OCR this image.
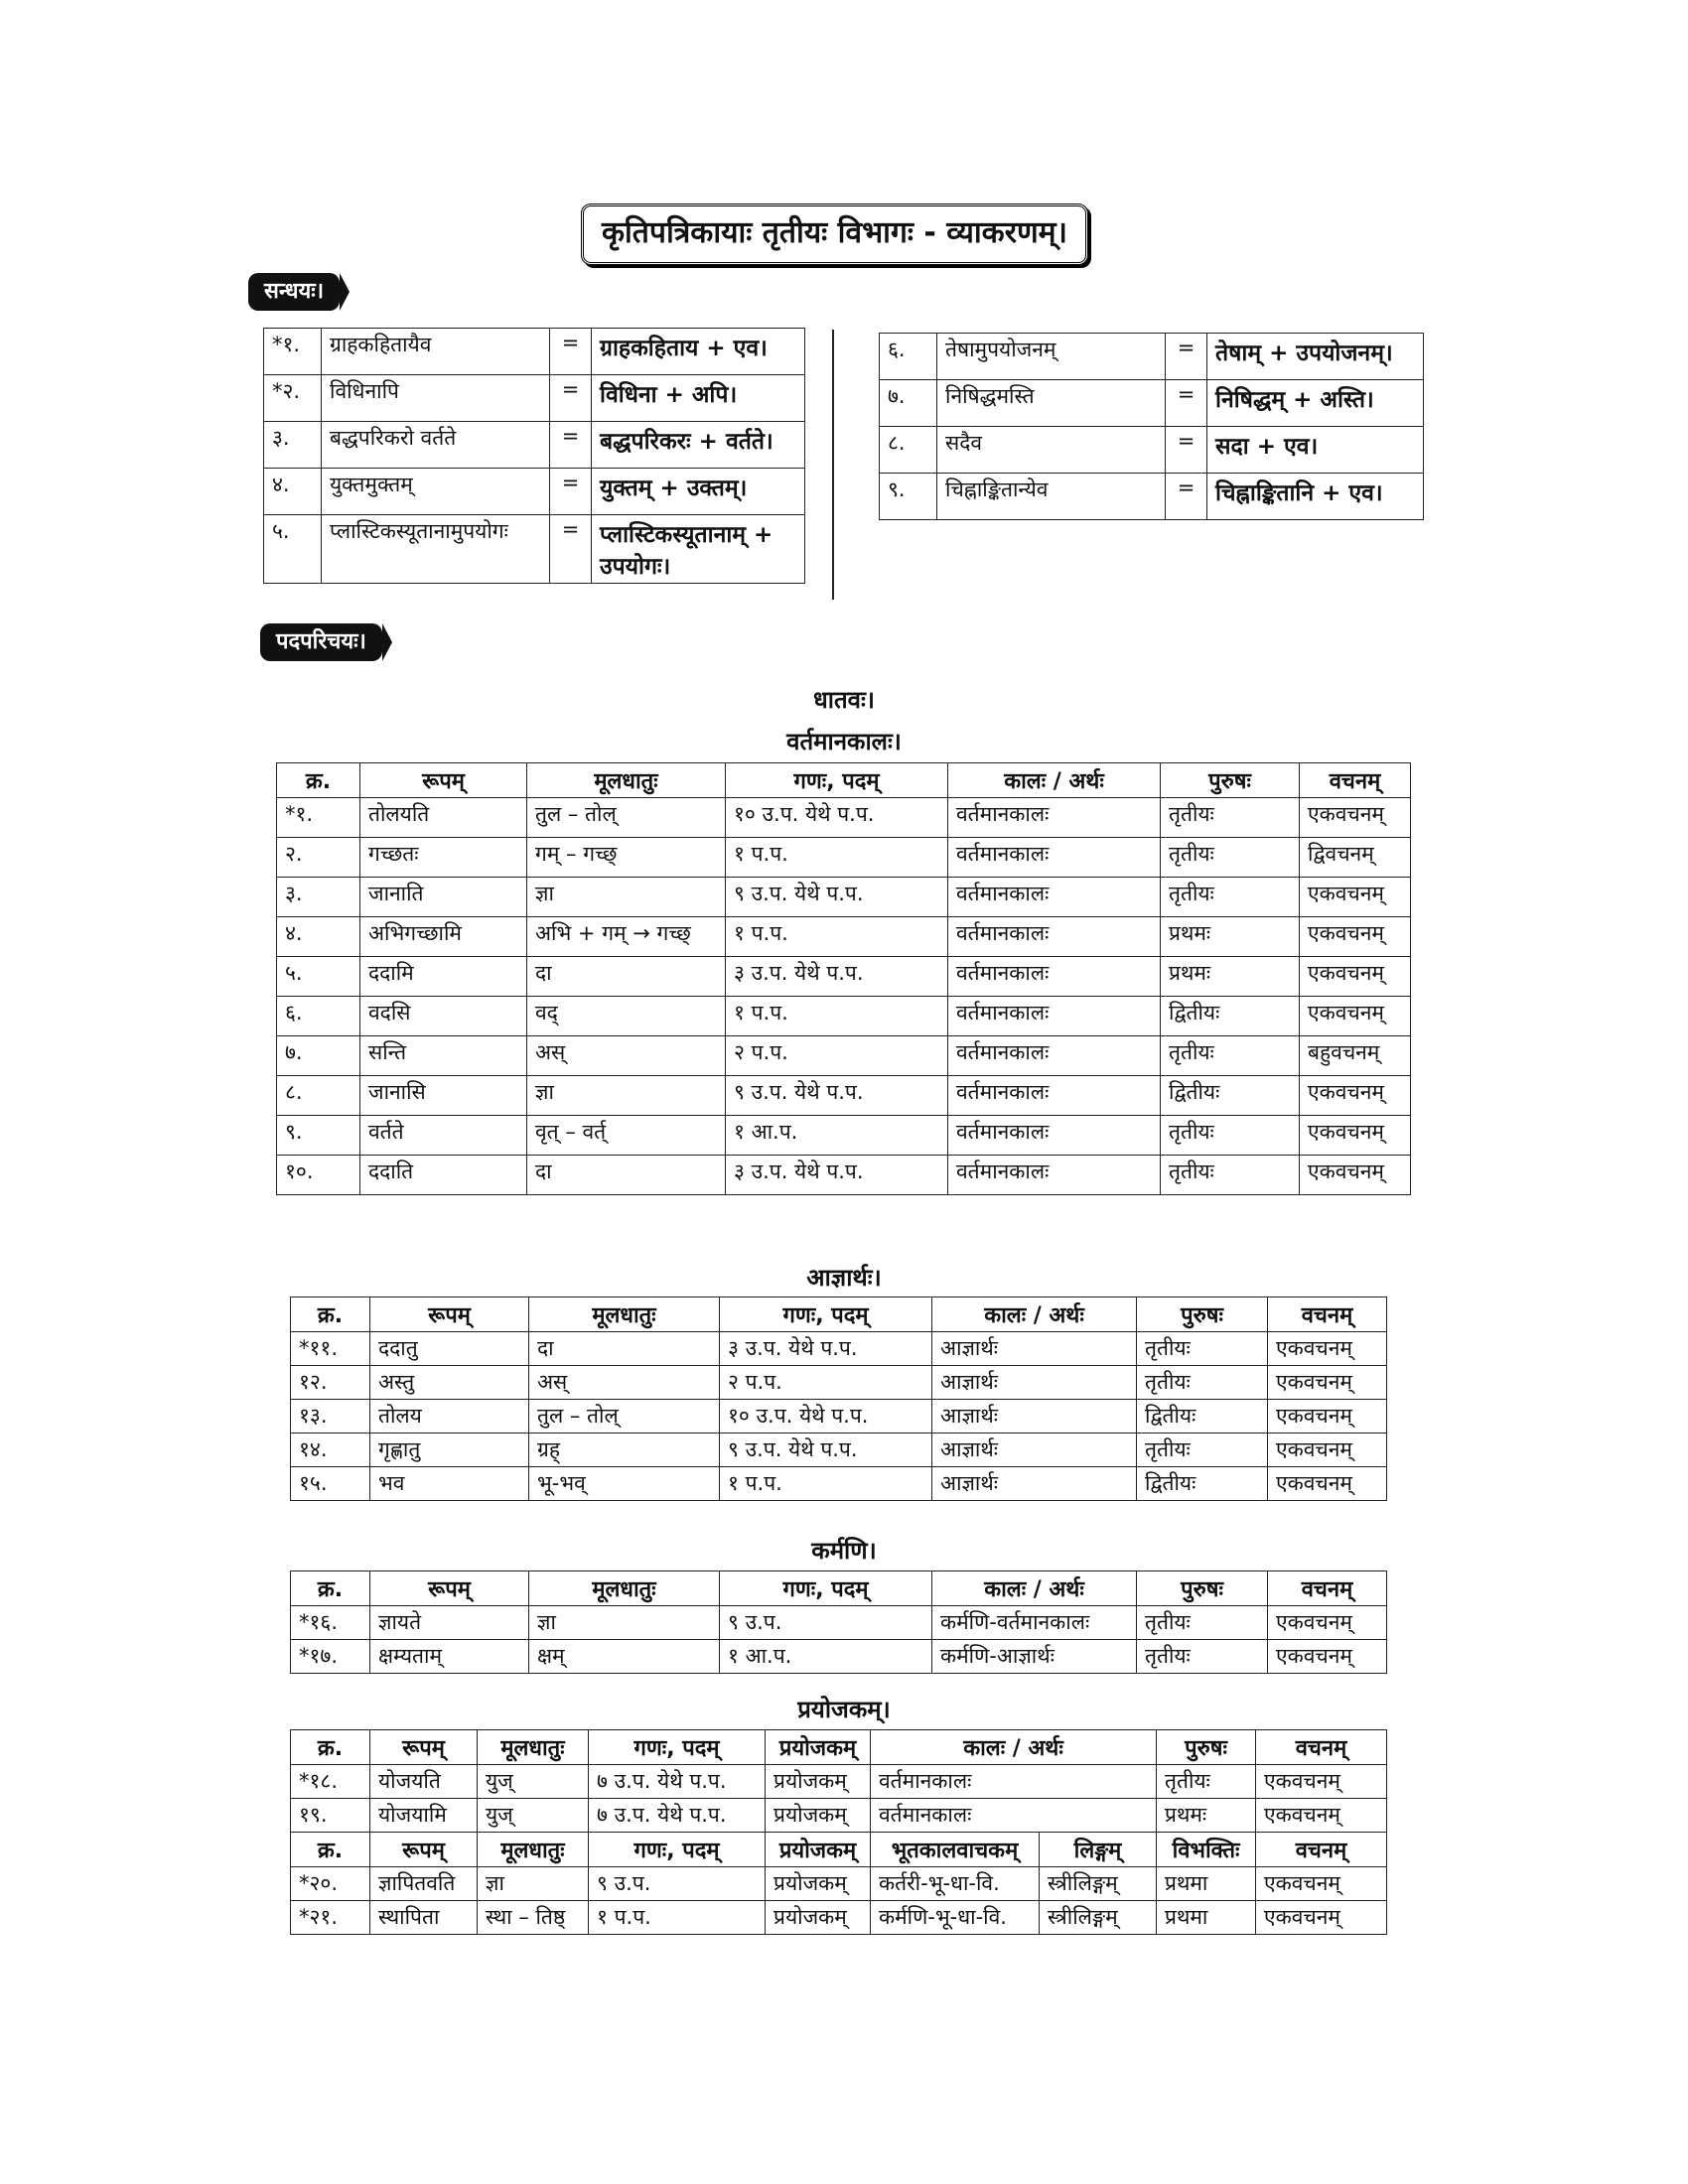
कृतिपत्रिकायाः तृतीयः विभागः - व्याकरणम्।
सन्धयः।
*१.	ग्राहकहितायैव	=	ग्राहकहिताय + एव।
*२.	विधिनापि	=	विधिना + अपि।
३.	बद्धपरिकरो वर्तते	=	बद्धपरिकरः + वर्तते।
४.	युक्तमुक्तम्	=	युक्तम् + उक्तम्।
५.	प्लास्टिकस्यूतानामुपयोगः	=	प्लास्टिकस्यूतानाम् + उपयोगः।
६.	तेषामुपयोजनम्	=	तेषाम् + उपयोजनम्।
७.	निषिद्धमस्ति	=	निषिद्धम् + अस्ति।
८.	सदैव	=	सदा + एव।
९.	चिह्नाङ्कितान्येव	=	चिह्नाङ्कितानि + एव।
पदपरिचयः।
धातवः।
वर्तमानकालः।
क्र.	रूपम्	मूलधातुः	गणः, पदम्	कालः / अर्थः	पुरुषः	वचनम्
*१.	तोलयति	तुल – तोल्	१० उ.प. येथे प.प.	वर्तमानकालः	तृतीयः	एकवचनम्
२.	गच्छतः	गम् – गच्छ्	१ प.प.	वर्तमानकालः	तृतीयः	द्विवचनम्
३.	जानाति	ज्ञा	९ उ.प. येथे प.प.	वर्तमानकालः	तृतीयः	एकवचनम्
४.	अभिगच्छामि	अभि + गम् → गच्छ्	१ प.प.	वर्तमानकालः	प्रथमः	एकवचनम्
५.	ददामि	दा	३ उ.प. येथे प.प.	वर्तमानकालः	प्रथमः	एकवचनम्
६.	वदसि	वद्	१ प.प.	वर्तमानकालः	द्वितीयः	एकवचनम्
७.	सन्ति	अस्	२ प.प.	वर्तमानकालः	तृतीयः	बहुवचनम्
८.	जानासि	ज्ञा	९ उ.प. येथे प.प.	वर्तमानकालः	द्वितीयः	एकवचनम्
९.	वर्तते	वृत् – वर्त्	१ आ.प.	वर्तमानकालः	तृतीयः	एकवचनम्
१०.	ददाति	दा	३ उ.प. येथे प.प.	वर्तमानकालः	तृतीयः	एकवचनम्
आज्ञार्थः।
क्र.	रूपम्	मूलधातुः	गणः, पदम्	कालः / अर्थः	पुरुषः	वचनम्
*११.	ददातु	दा	३ उ.प. येथे प.प.	आज्ञार्थः	तृतीयः	एकवचनम्
१२.	अस्तु	अस्	२ प.प.	आज्ञार्थः	तृतीयः	एकवचनम्
१३.	तोलय	तुल – तोल्	१० उ.प. येथे प.प.	आज्ञार्थः	द्वितीयः	एकवचनम्
१४.	गृह्णातु	ग्रह्	९ उ.प. येथे प.प.	आज्ञार्थः	तृतीयः	एकवचनम्
१५.	भव	भू-भव्	१ प.प.	आज्ञार्थः	द्वितीयः	एकवचनम्
कर्मणि।
क्र.	रूपम्	मूलधातुः	गणः, पदम्	कालः / अर्थः	पुरुषः	वचनम्
*१६.	ज्ञायते	ज्ञा	९ उ.प.	कर्मणि-वर्तमानकालः	तृतीयः	एकवचनम्
*१७.	क्षम्यताम्	क्षम्	१ आ.प.	कर्मणि-आज्ञार्थः	तृतीयः	एकवचनम्
प्रयोजकम्।
क्र.	रूपम्	मूलधातुः	गणः, पदम्	प्रयोजकम्	कालः / अर्थः		पुरुषः	वचनम्
*१८.	योजयति	युज्	७ उ.प. येथे प.प.	प्रयोजकम्	वर्तमानकालः		तृतीयः	एकवचनम्
१९.	योजयामि	युज्	७ उ.प. येथे प.प.	प्रयोजकम्	वर्तमानकालः		प्रथमः	एकवचनम्
क्र.	रूपम्	मूलधातुः	गणः, पदम्	प्रयोजकम्	भूतकालवाचकम्	लिङ्गम्	विभक्तिः	वचनम्
*२०.	ज्ञापितवति	ज्ञा	९ उ.प.	प्रयोजकम्	कर्तरी-भू-धा-वि.	स्त्रीलिङ्गम्	प्रथमा	एकवचनम्
*२१.	स्थापिता	स्था – तिष्ठ्	१ प.प.	प्रयोजकम्	कर्मणि-भू-धा-वि.	स्त्रीलिङ्गम्	प्रथमा	एकवचनम्
